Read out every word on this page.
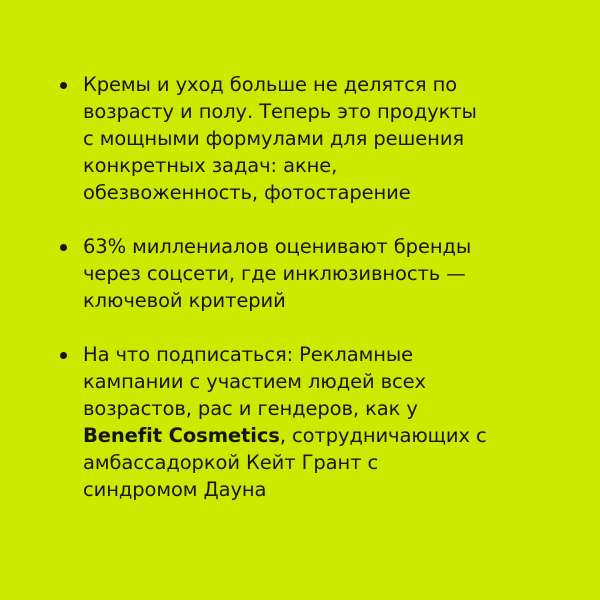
Кремы и уход больше не делятся по
возрасту и полу. Теперь это продукты
с мощными формулами для решения
конкретных задач: акне,
обезвоженность, фотостарение
63% миллениалов оценивают бренды
через соцсети, где инклюзивность —
ключевой критерий
На что подписаться: Рекламные
кампании с участием людей всех
возрастов, рас и гендеров, как у
Benefit Cosmetics, сотрудничающих с
амбассадоркой Кейт Грант с
синдромом Дауна
